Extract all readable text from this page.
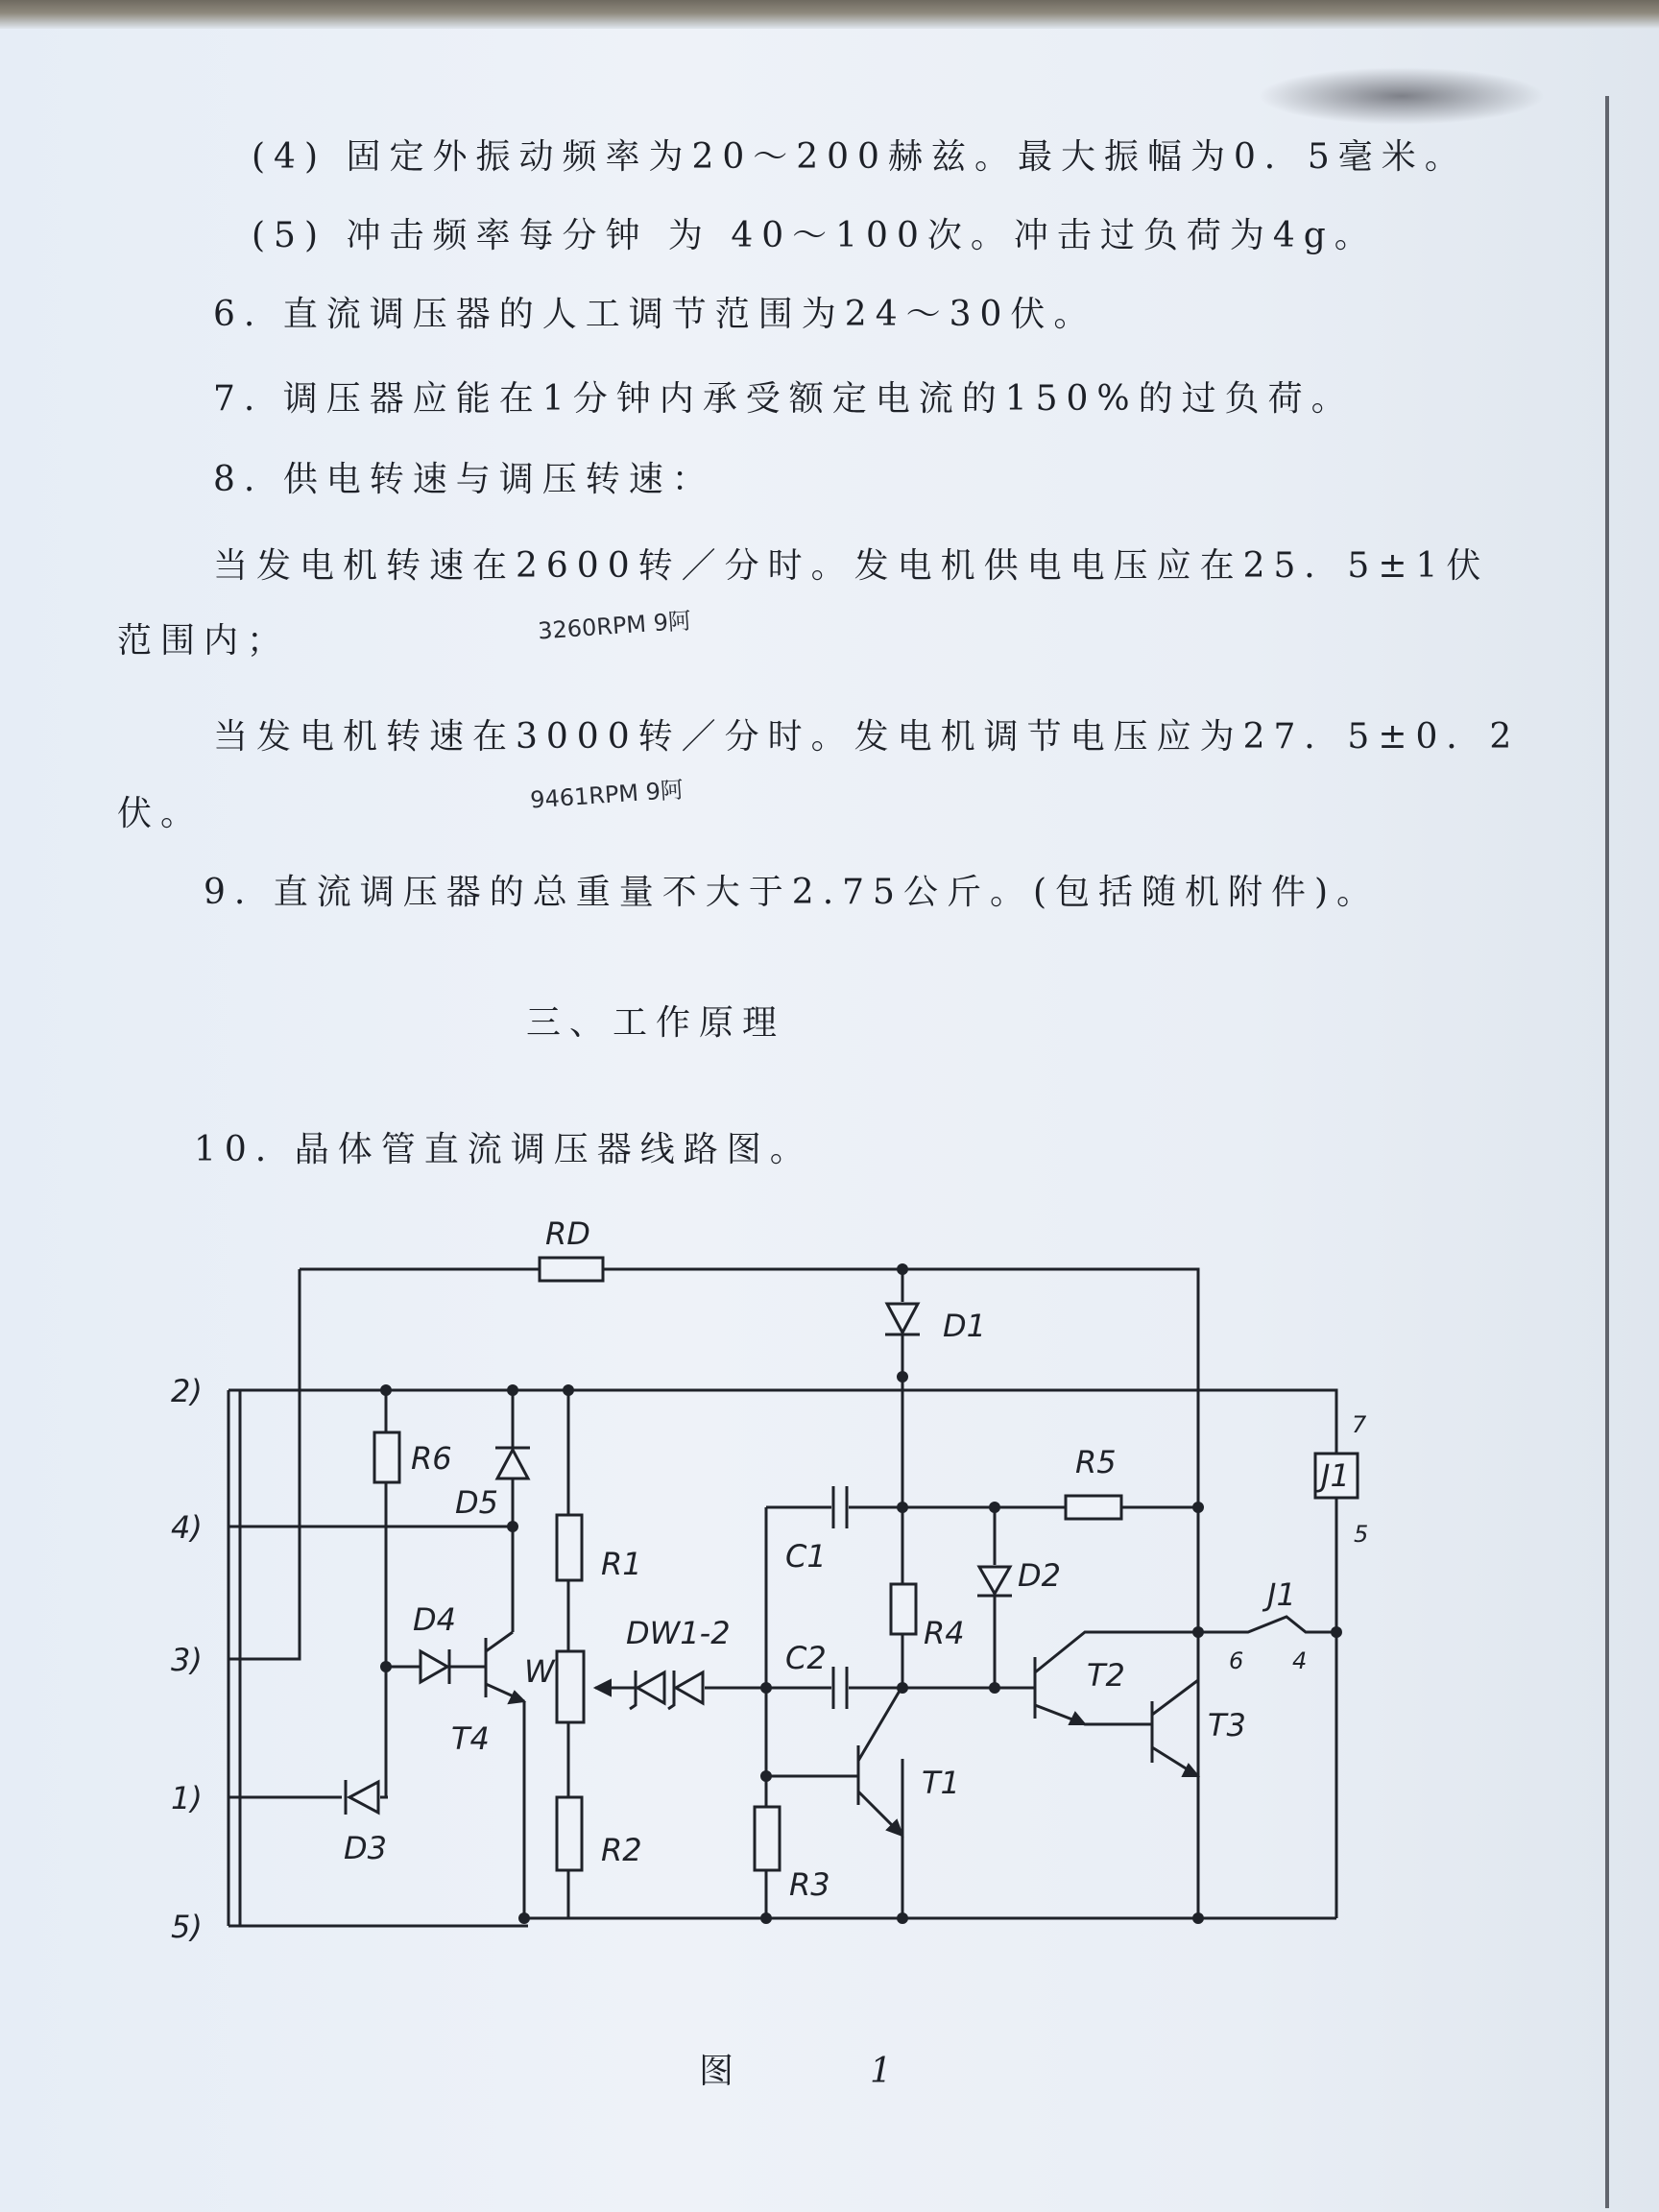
(4) 固定外振动频率为20～200赫兹。最大振幅为0．5毫米。
(5) 冲击频率每分钟 为 40～100次。冲击过负荷为4g。
6. 直流调压器的人工调节范围为24～30伏。
7. 调压器应能在1分钟内承受额定电流的150%的过负荷。
8. 供电转速与调压转速：
当发电机转速在2600转／分时。发电机供电电压应在25．5±1伏
范围内；	3260RPM 9阿
当发电机转速在3000转／分时。发电机调节电压应为27．5±0．2
伏。	9461RPM 9阿
9. 直流调压器的总重量不大于2.75公斤。(包括随机附件)。
三、工作原理
10. 晶体管直流调压器线路图。
图	1
2)
4)
3)
1)
5)
RD
D1
R6
D5
R1	C1
R5	J1
7
5
D2
R4
D4
W
DW1-2
C2	T2
J1
6 4
T3
T4
T1
D3	R2
R3
